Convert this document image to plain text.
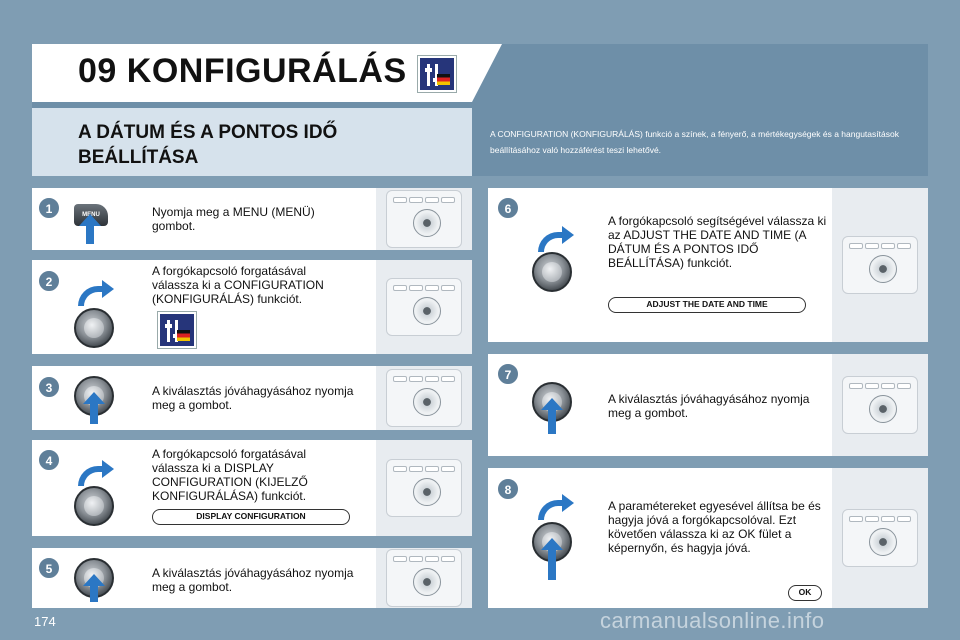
09 KONFIGURÁLÁS
A DÁTUM ÉS A PONTOS IDŐ BEÁLLÍTÁSA
A CONFIGURATION (KONFIGURÁLÁS) funkció a színek, a fényerő, a mértékegységek és a hangutasítások beállításához való hozzáférést teszi lehetővé.
1	Nyomja meg a MENU (MENÜ) gombot.
2
A forgókapcsoló forgatásával válassza ki a CONFIGURATION (KONFIGURÁLÁS) funkciót.
3	A kiválasztás jóváhagyásához nyomja meg a gombot.
4	A forgókapcsoló forgatásával válassza ki a DISPLAY CONFIGURATION (KIJELZŐ KONFIGURÁLÁSA) funkciót.
DISPLAY CONFIGURATION
5	A kiválasztás jóváhagyásához nyomja meg a gombot.
6
A forgókapcsoló segítségével válassza ki az ADJUST THE DATE AND TIME (A DÁTUM ÉS A PONTOS IDŐ BEÁLLÍTÁSA) funkciót.
ADJUST THE DATE AND TIME
7
A kiválasztás jóváhagyásához nyomja meg a gombot.
8
A paramétereket egyesével állítsa be és hagyja jóvá a forgókapcsolóval. Ezt követően válassza ki az OK fület a képernyőn, és hagyja jóvá.
OK
174	carmanualsonline.info
